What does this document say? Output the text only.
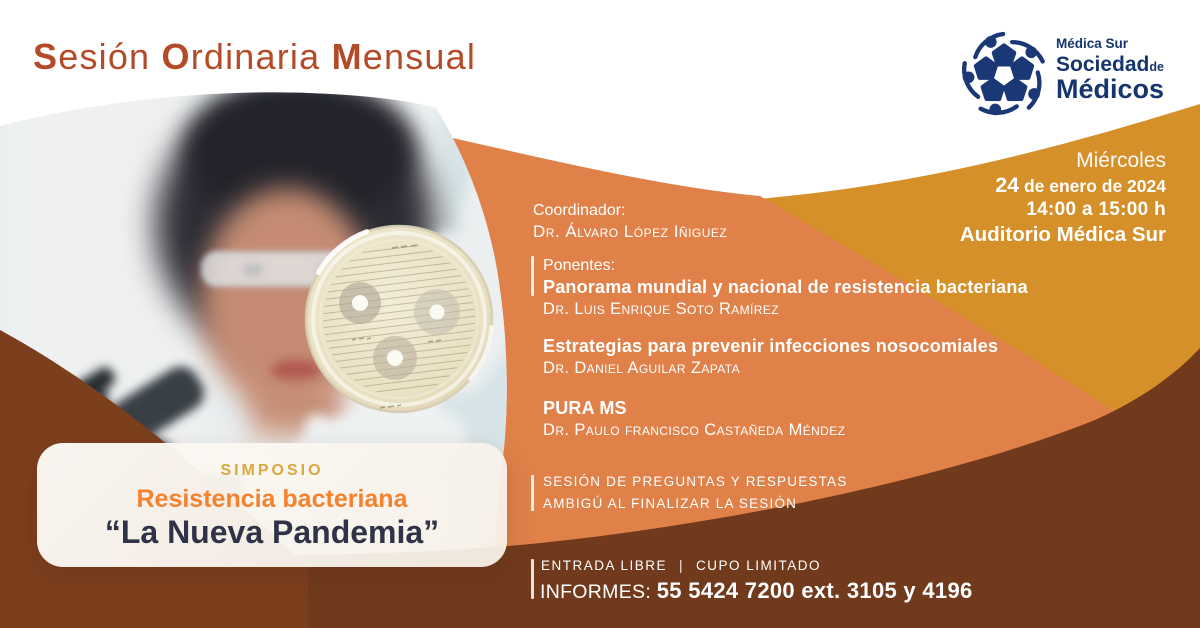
Sesión Ordinaria Mensual	Médica Sur
Sociedadde
Médicos
Miércoles
24 de enero de 2024
14:00 a 15:00 h
Auditorio Médica Sur
Coordinador:
Dr. Álvaro López Iñiguez
Ponentes:
Panorama mundial y nacional de resistencia bacteriana
Dr. Luis Enrique Soto Ramírez
Estrategias para prevenir infecciones nosocomiales
Dr. Daniel Aguilar Zapata
PURA MS
Dr. Paulo francisco Castañeda Méndez
SESIÓN DE PREGUNTAS Y RESPUESTAS
AMBIGÚ AL FINALIZAR LA SESIÓN
ENTRADA LIBRE | CUPO LIMITADO
INFORMES: 55 5424 7200 ext. 3105 y 4196
SIMPOSIO
Resistencia bacteriana
“La Nueva Pandemia”
